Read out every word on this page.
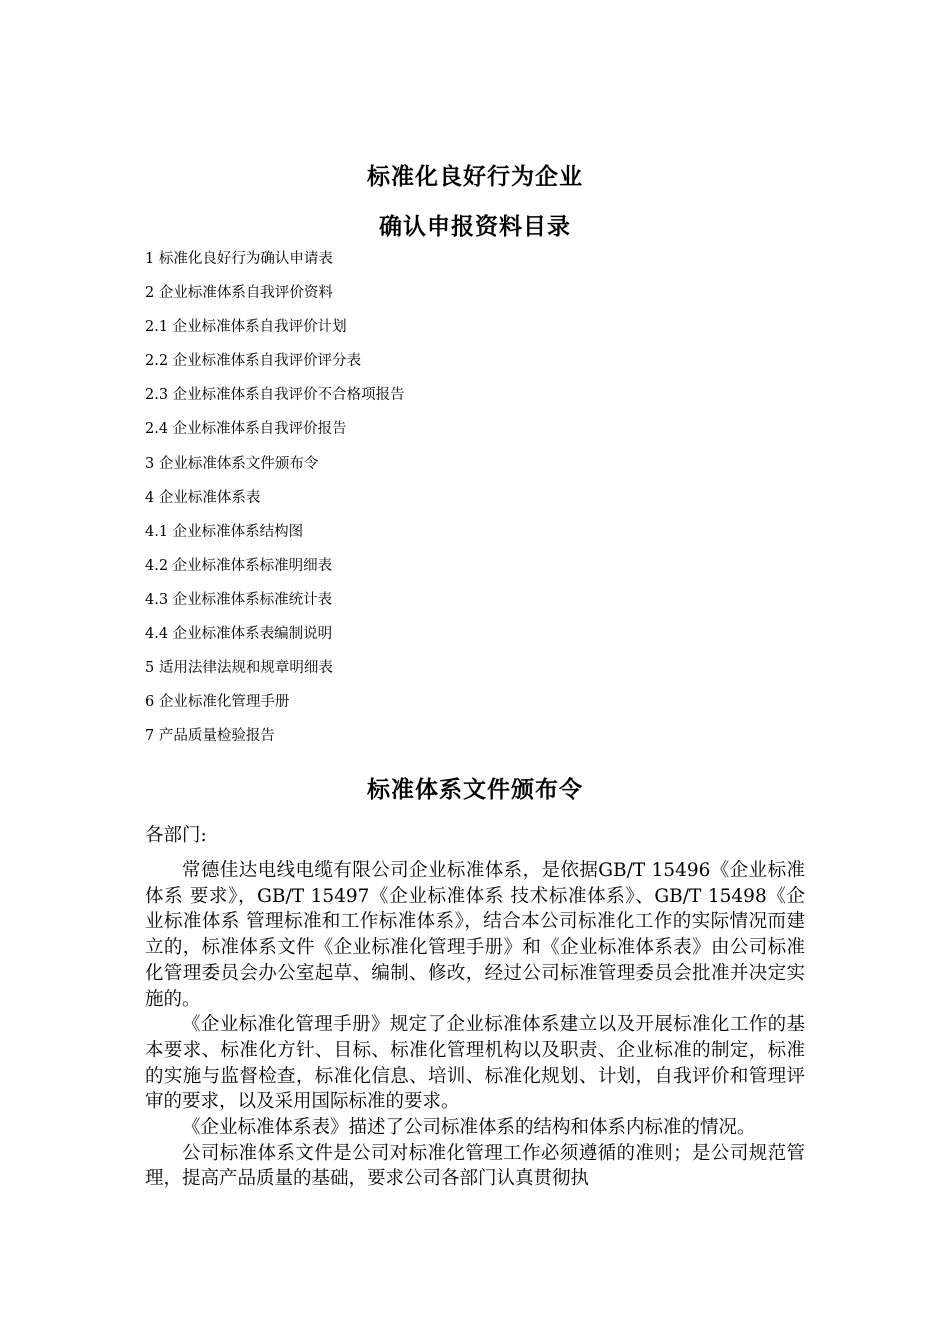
标准化良好行为企业
确认申报资料目录
1 标准化良好行为确认申请表
2 企业标准体系自我评价资料
2.1 企业标准体系自我评价计划
2.2 企业标准体系自我评价评分表
2.3 企业标准体系自我评价不合格项报告
2.4 企业标准体系自我评价报告
3 企业标准体系文件颁布令
4 企业标准体系表
4.1 企业标准体系结构图
4.2 企业标准体系标准明细表
4.3 企业标准体系标准统计表
4.4 企业标准体系表编制说明
5 适用法律法规和规章明细表
6 企业标准化管理手册
7 产品质量检验报告
标准体系文件颁布令
各部门:

常德佳达电线电缆有限公司企业标准体系，是依据GB/T 15496《企业标准体系 要求》，GB/T 15497《企业标准体系 技术标准体系》、GB/T 15498《企业标准体系 管理标准和工作标准体系》，结合本公司标准化工作的实际情况而建立的，标准体系文件《企业标准化管理手册》和《企业标准体系表》由公司标准化管理委员会办公室起草、编制、修改，经过公司标准管理委员会批准并决定实施的。

《企业标准化管理手册》规定了企业标准体系建立以及开展标准化工作的基本要求、标准化方针、目标、标准化管理机构以及职责、企业标准的制定，标准的实施与监督检查，标准化信息、培训、标准化规划、计划，自我评价和管理评审的要求，以及采用国际标准的要求。

《企业标准体系表》描述了公司标准体系的结构和体系内标准的情况。

公司标准体系文件是公司对标准化管理工作必须遵循的准则；是公司规范管理，提高产品质量的基础，要求公司各部门认真贯彻执
